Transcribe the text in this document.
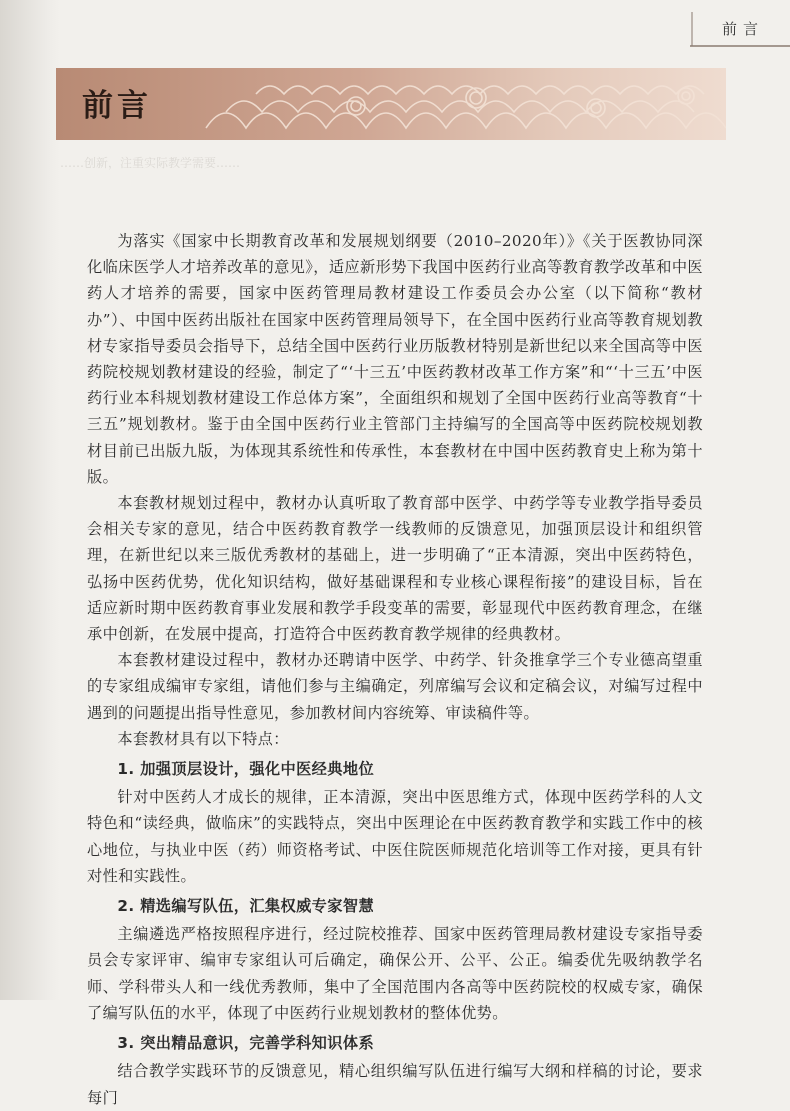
前言
前言
……创新，注重实际教学需要……

为落实《国家中长期教育改革和发展规划纲要（2010–2020年）》《关于医教协同深化临床医学人才培养改革的意见》，适应新形势下我国中医药行业高等教育教学改革和中医药人才培养的需要，国家中医药管理局教材建设工作委员会办公室（以下简称“教材办”）、中国中医药出版社在国家中医药管理局领导下，在全国中医药行业高等教育规划教材专家指导委员会指导下，总结全国中医药行业历版教材特别是新世纪以来全国高等中医药院校规划教材建设的经验，制定了“‘十三五’中医药教材改革工作方案”和“‘十三五’中医药行业本科规划教材建设工作总体方案”，全面组织和规划了全国中医药行业高等教育“十三五”规划教材。鉴于由全国中医药行业主管部门主持编写的全国高等中医药院校规划教材目前已出版九版，为体现其系统性和传承性，本套教材在中国中医药教育史上称为第十版。

本套教材规划过程中，教材办认真听取了教育部中医学、中药学等专业教学指导委员会相关专家的意见，结合中医药教育教学一线教师的反馈意见，加强顶层设计和组织管理，在新世纪以来三版优秀教材的基础上，进一步明确了“正本清源，突出中医药特色，弘扬中医药优势，优化知识结构，做好基础课程和专业核心课程衔接”的建设目标，旨在适应新时期中医药教育事业发展和教学手段变革的需要，彰显现代中医药教育理念，在继承中创新，在发展中提高，打造符合中医药教育教学规律的经典教材。

本套教材建设过程中，教材办还聘请中医学、中药学、针灸推拿学三个专业德高望重的专家组成编审专家组，请他们参与主编确定，列席编写会议和定稿会议，对编写过程中遇到的问题提出指导性意见，参加教材间内容统筹、审读稿件等。

本套教材具有以下特点：

1. 加强顶层设计，强化中医经典地位

针对中医药人才成长的规律，正本清源，突出中医思维方式，体现中医药学科的人文特色和“读经典，做临床”的实践特点，突出中医理论在中医药教育教学和实践工作中的核心地位，与执业中医（药）师资格考试、中医住院医师规范化培训等工作对接，更具有针对性和实践性。

2. 精选编写队伍，汇集权威专家智慧

主编遴选严格按照程序进行，经过院校推荐、国家中医药管理局教材建设专家指导委员会专家评审、编审专家组认可后确定，确保公开、公平、公正。编委优先吸纳教学名师、学科带头人和一线优秀教师，集中了全国范围内各高等中医药院校的权威专家，确保了编写队伍的水平，体现了中医药行业规划教材的整体优势。

3. 突出精品意识，完善学科知识体系

结合教学实践环节的反馈意见，精心组织编写队伍进行编写大纲和样稿的讨论，要求每门
